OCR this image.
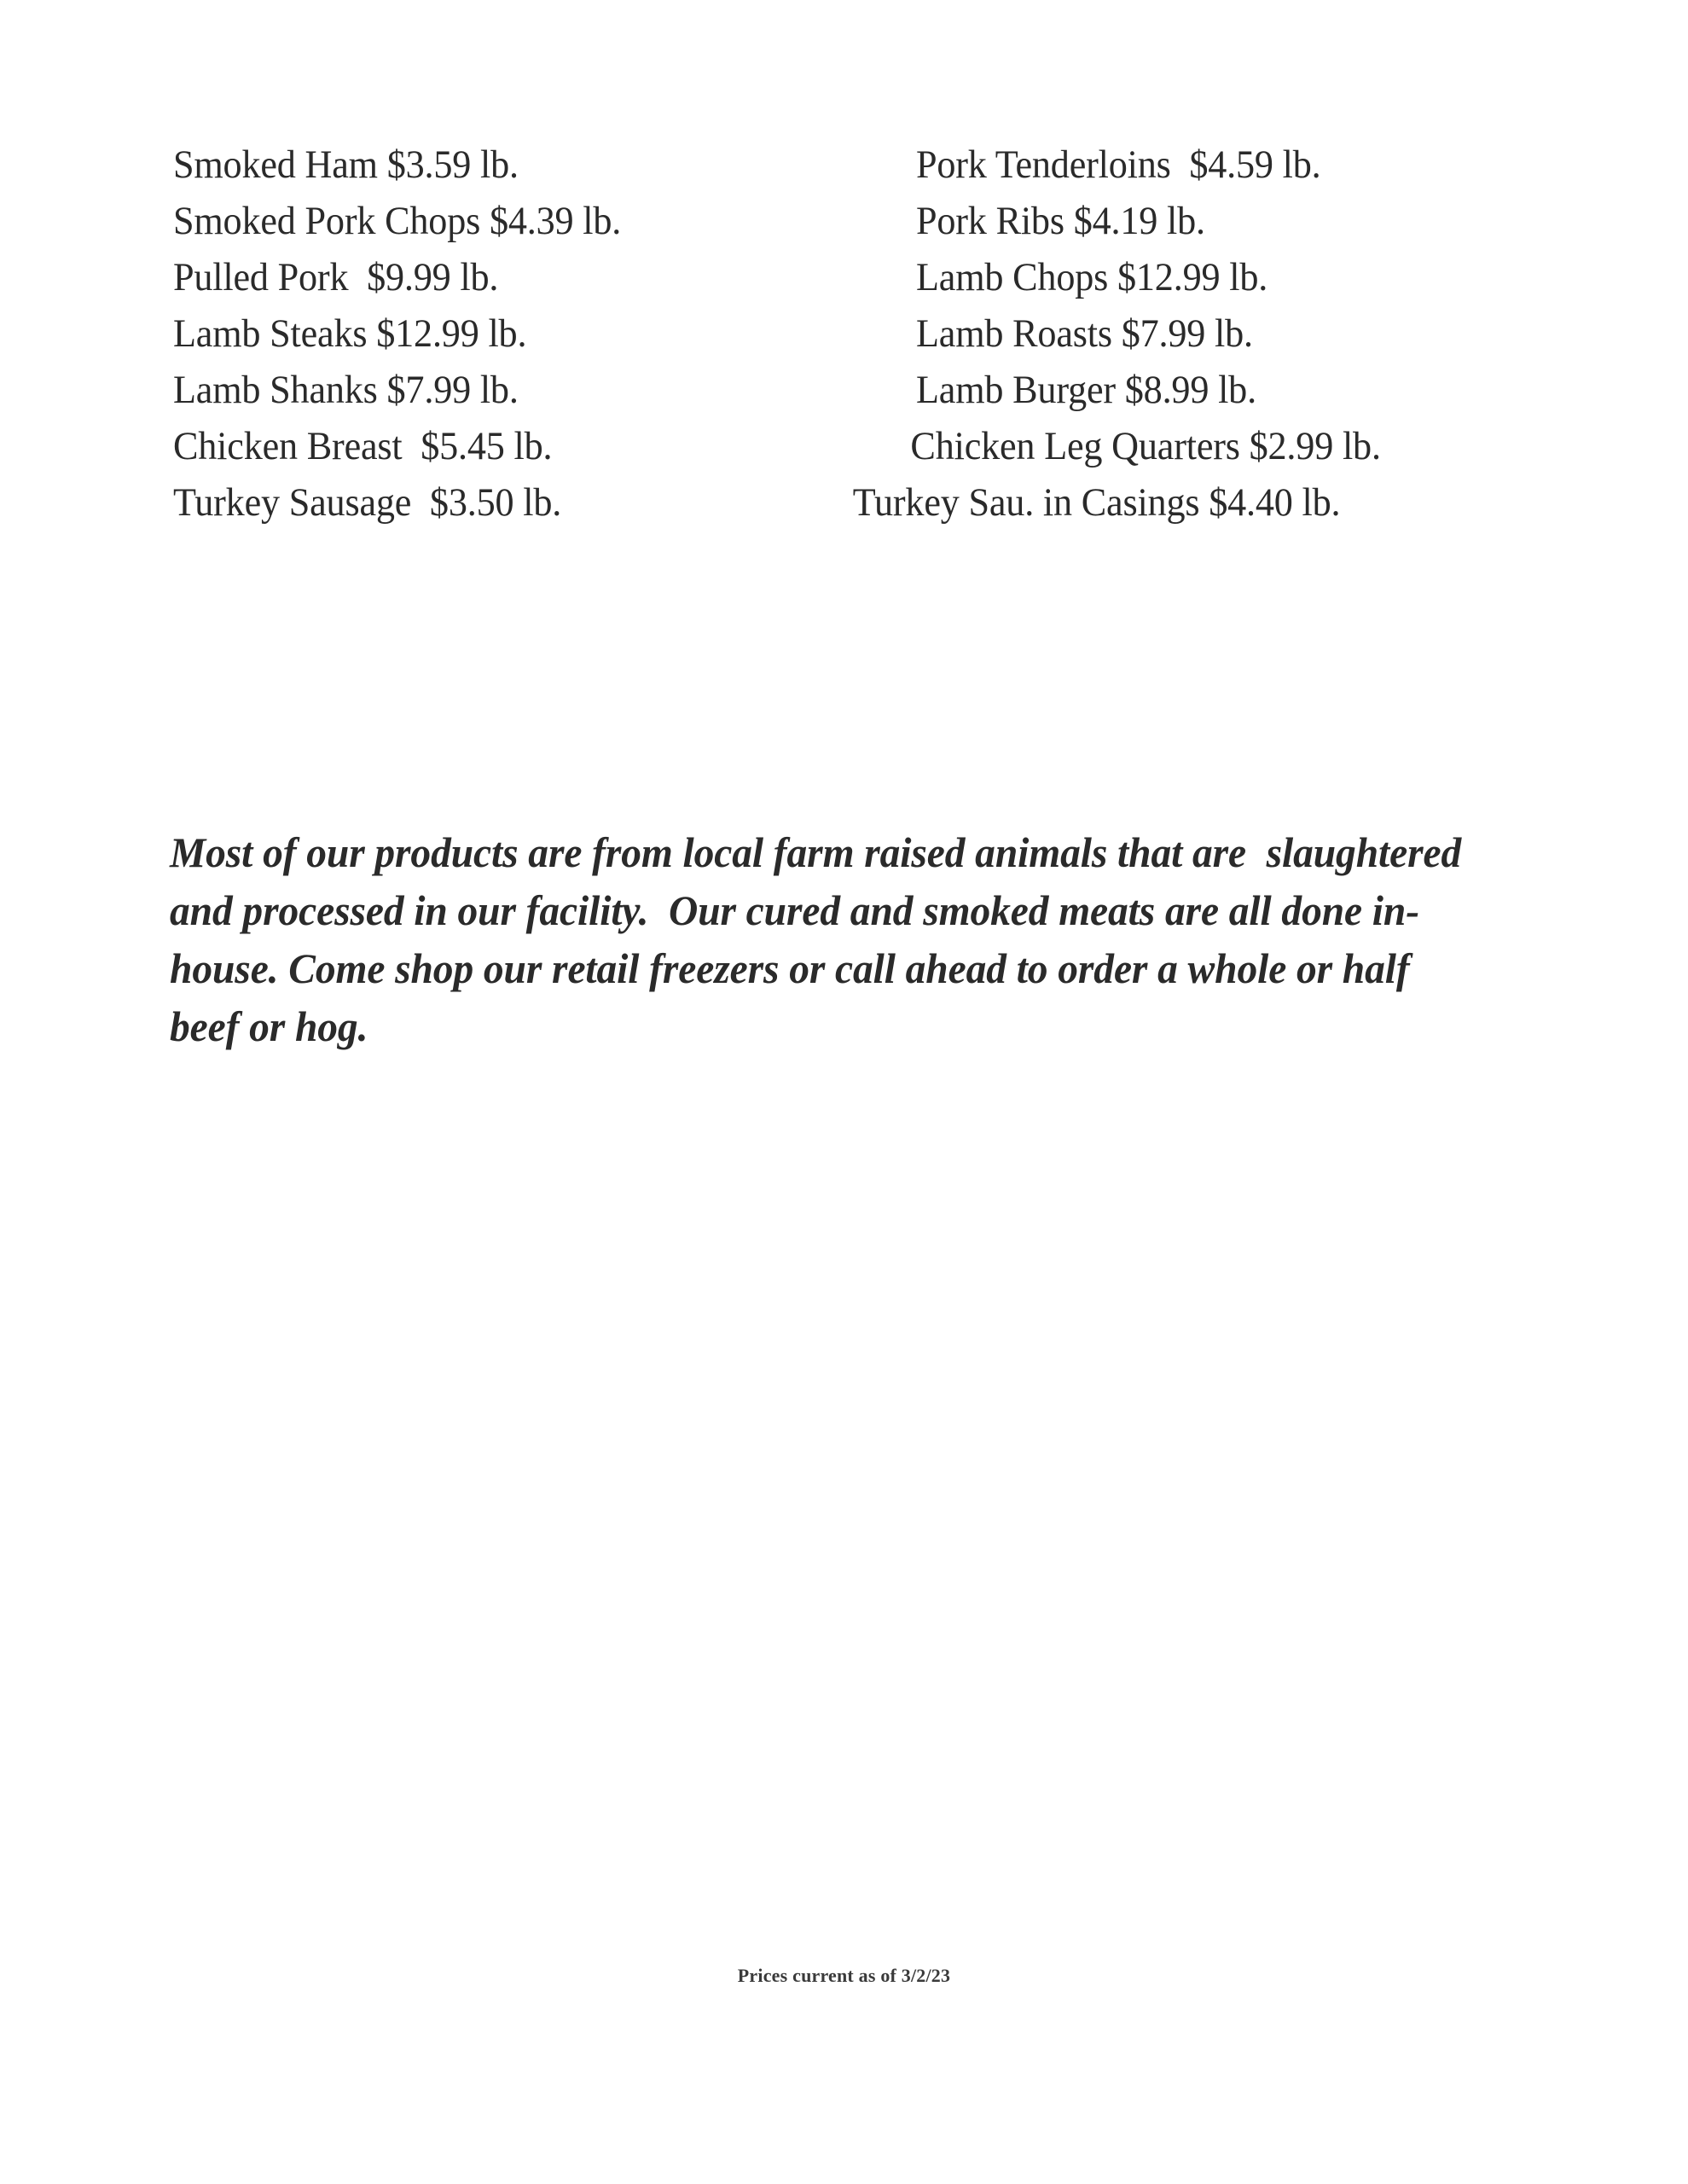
Smoked Ham $3.59 lb.
Smoked Pork Chops $4.39 lb.
Pulled Pork  $9.99 lb.
Lamb Steaks $12.99 lb.
Lamb Shanks $7.99 lb.
Chicken Breast  $5.45 lb.
Turkey Sausage  $3.50 lb.
Pork Tenderloins  $4.59 lb.
Pork Ribs $4.19 lb.
Lamb Chops $12.99 lb.
Lamb Roasts $7.99 lb.
Lamb Burger $8.99 lb.
Chicken Leg Quarters $2.99 lb.
Turkey Sau. in Casings $4.40 lb.

Most of our products are from local farm raised animals that are  slaughtered and processed in our facility.  Our cured and smoked meats are all done in-house. Come shop our retail freezers or call ahead to order a whole or half beef or hog.

Prices current as of 3/2/23
